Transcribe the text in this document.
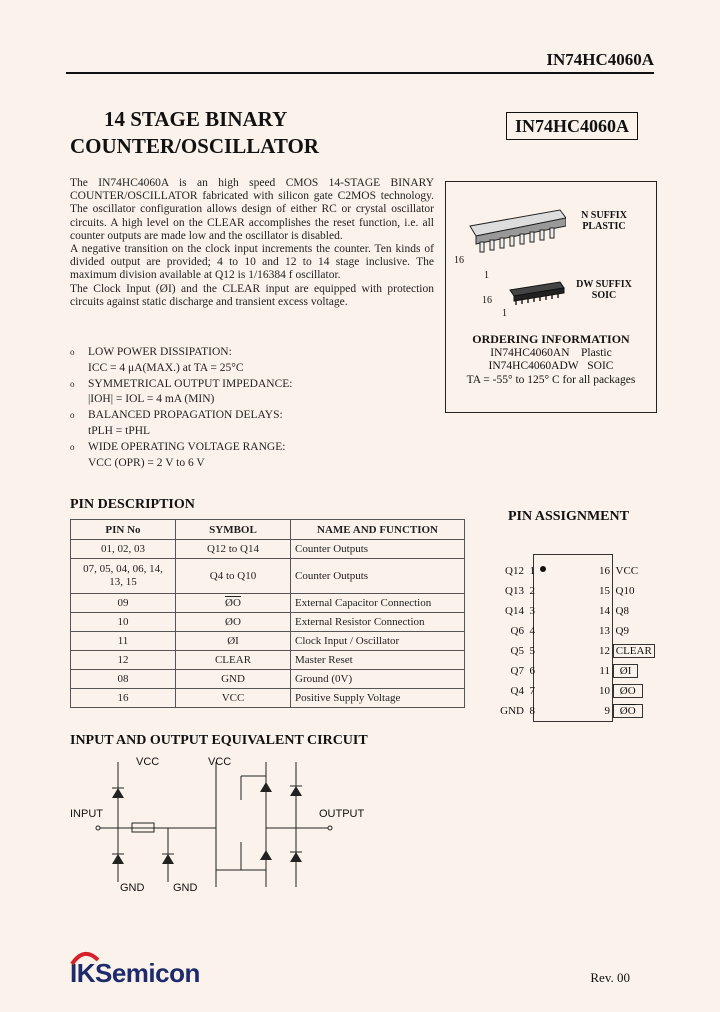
IN74HC4060A
14 STAGE BINARY
COUNTER/OSCILLATOR
IN74HC4060A

The IN74HC4060A is an high speed CMOS 14-STAGE BINARY COUNTER/OSCILLATOR fabricated with silicon gate C2MOS technology. The oscillator configuration allows design of either RC or crystal oscillator circuits. A high level on the CLEAR accomplishes the reset function, i.e. all counter outputs are made low and the oscillator is disabled.

A negative transition on the clock input increments the counter. Ten kinds of divided output are provided; 4 to 10 and 12 to 14 stage inclusive. The maximum division available at Q12 is 1/16384 f oscillator.

The Clock Input (ØI) and the CLEAR input are equipped with protection circuits against static discharge and transient excess voltage.

o	LOW POWER DISSIPATION:
ICC = 4 μA(MAX.) at TA = 25°C
o	SYMMETRICAL OUTPUT IMPEDANCE:
|IOH| = IOL = 4 mA (MIN)
o	BALANCED PROPAGATION DELAYS:
tPLH = tPHL
o	WIDE OPERATING VOLTAGE RANGE:
VCC (OPR) = 2 V to 6 V
16
1
16
1
N SUFFIX
PLASTIC
DW SUFFIX
SOIC
ORDERING INFORMATION
IN74HC4060AN Plastic
IN74HC4060ADW SOIC
TA = -55° to 125° C for all packages
PIN DESCRIPTION
PIN No	SYMBOL	NAME AND FUNCTION
01, 02, 03	Q12 to Q14	Counter Outputs
07, 05, 04, 06, 14, 13, 15	Q4 to Q10	Counter Outputs
09	$\overline{ØO}$	External Capacitor Connection
10	ØO	External Resistor Connection
11	ØI	Clock Input / Oscillator
12	CLEAR	Master Reset
08	GND	Ground (0V)
16	VCC	Positive Supply Voltage
PIN ASSIGNMENT
Q12 1
Q13 2
Q14 3
Q6 4
Q5 5
Q7 6
Q4 7
GND 8
16 VCC
15 Q10
14 Q8
13 Q9
12 CLEAR
11 ØI
10 ØO
9 $\overline{ØO}$
INPUT AND OUTPUT EQUIVALENT CIRCUIT
VCC	VCC
INPUT	OUTPUT
GND	GND
IKSemicon	Rev. 00
